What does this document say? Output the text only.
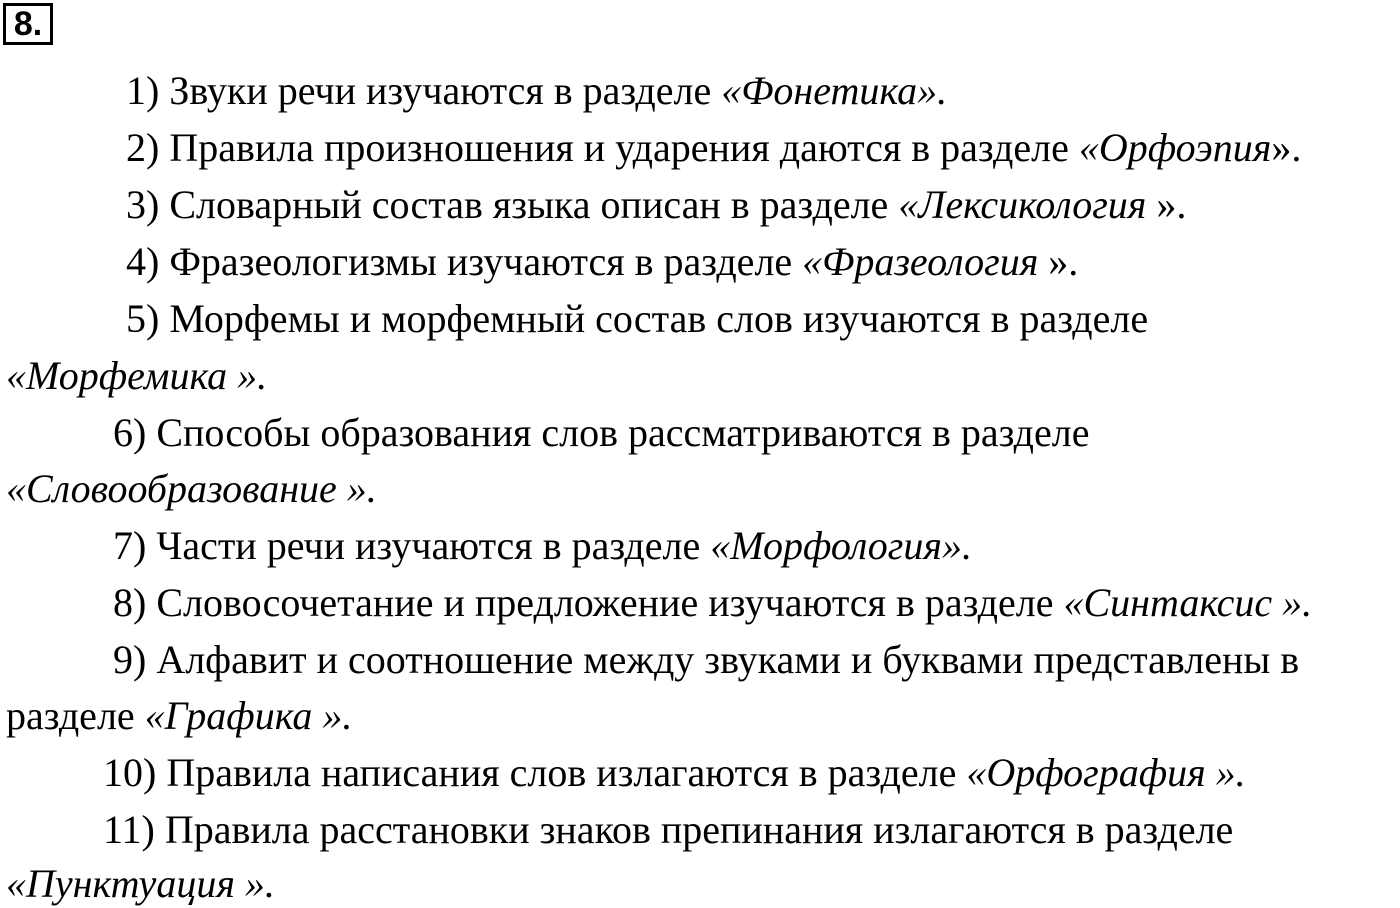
8.
1) Звуки речи изучаются в разделе «Фонетика».
2) Правила произношения и ударения даются в разделе «Орфоэпия».
3) Словарный состав языка описан в разделе «Лексикология ».
4) Фразеологизмы изучаются в разделе «Фразеология ».
5) Морфемы и морфемный состав слов изучаются в разделе
«Морфемика ».
6) Способы образования слов рассматриваются в разделе
«Словообразование ».
7) Части речи изучаются в разделе «Морфология».
8) Словосочетание и предложение изучаются в разделе «Синтаксис ».
9) Алфавит и соотношение между звуками и буквами представлены в
разделе «Графика ».
10) Правила написания слов излагаются в разделе «Орфография ».
11) Правила расстановки знаков препинания излагаются в разделе
«Пунктуация ».
